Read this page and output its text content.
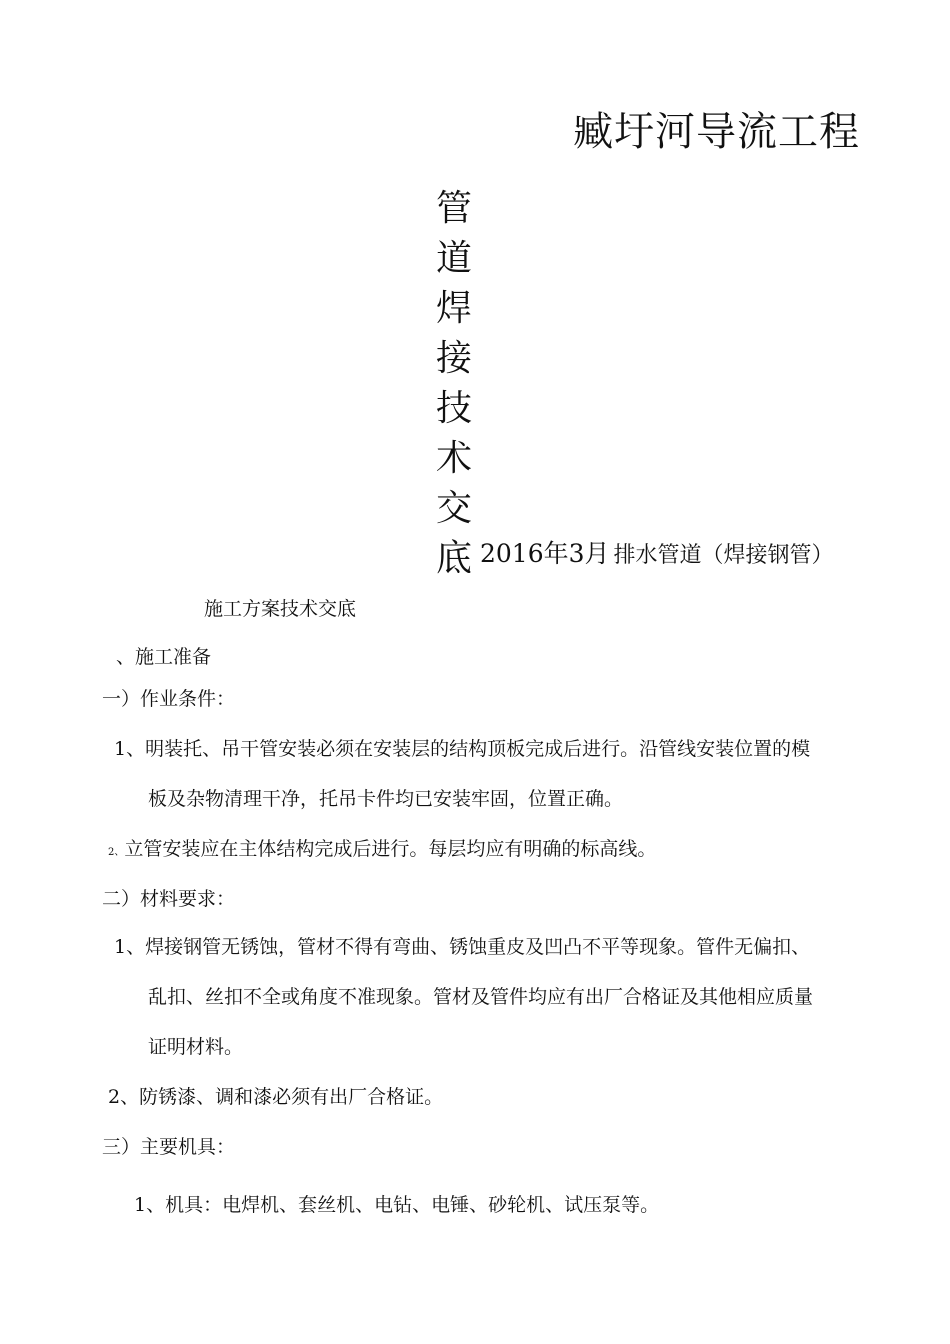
臧圩河导流工程
管
道
焊
接
技
术
交
底 2016年3月 排水管道（焊接钢管）
施工方案技术交底
、施工准备
一）作业条件：
1、明装托、吊干管安装必须在安装层的结构顶板完成后进行。沿管线安装位置的模
板及杂物清理干净，托吊卡件均已安装牢固，位置正确。
2、立管安装应在主体结构完成后进行。每层均应有明确的标高线。
二）材料要求：
1、焊接钢管无锈蚀，管材不得有弯曲、锈蚀重皮及凹凸不平等现象。管件无偏扣、
乱扣、丝扣不全或角度不准现象。管材及管件均应有出厂合格证及其他相应质量
证明材料。
2、防锈漆、调和漆必须有出厂合格证。
三）主要机具：
1、机具：电焊机、套丝机、电钻、电锤、砂轮机、试压泵等。
